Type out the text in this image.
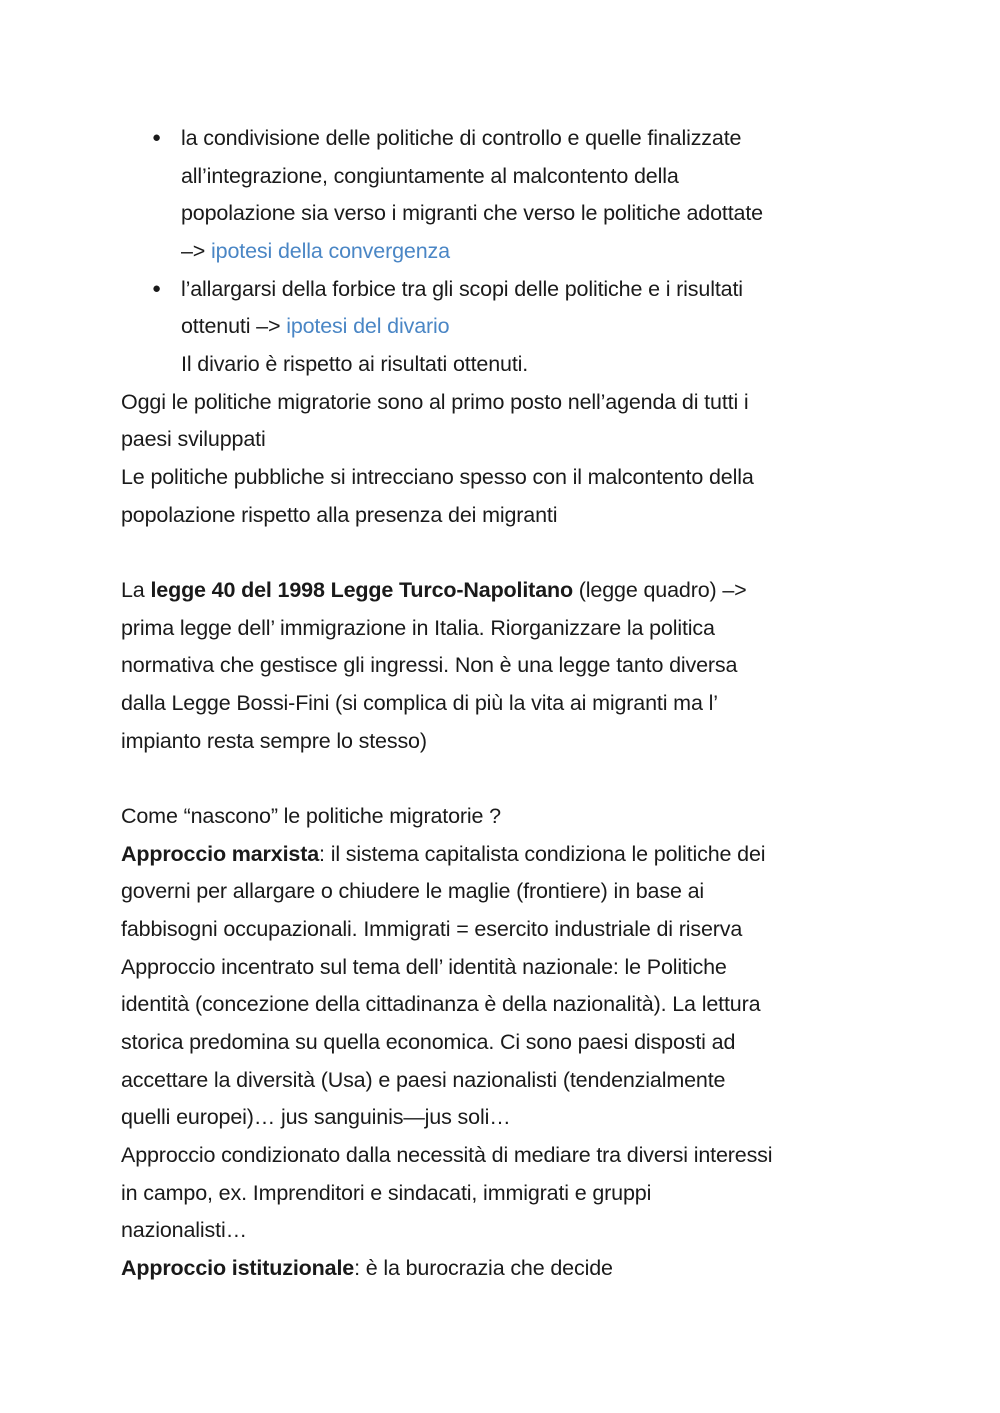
● la condivisione delle politiche di controllo e quelle finalizzate
all’integrazione, congiuntamente al malcontento della
popolazione sia verso i migranti che verso le politiche adottate
–> ipotesi della convergenza
● l’allargarsi della forbice tra gli scopi delle politiche e i risultati
ottenuti –> ipotesi del divario
Il divario è rispetto ai risultati ottenuti.
Oggi le politiche migratorie sono al primo posto nell’agenda di tutti i
paesi sviluppati
Le politiche pubbliche si intrecciano spesso con il malcontento della
popolazione rispetto alla presenza dei migranti
La legge 40 del 1998 Legge Turco-Napolitano (legge quadro) –>
prima legge dell’ immigrazione in Italia. Riorganizzare la politica
normativa che gestisce gli ingressi. Non è una legge tanto diversa
dalla Legge Bossi-Fini (si complica di più la vita ai migranti ma l’
impianto resta sempre lo stesso)
Come “nascono” le politiche migratorie ?
Approccio marxista: il sistema capitalista condiziona le politiche dei
governi per allargare o chiudere le maglie (frontiere) in base ai
fabbisogni occupazionali. Immigrati = esercito industriale di riserva
Approccio incentrato sul tema dell’ identità nazionale: le Politiche
identità (concezione della cittadinanza è della nazionalità). La lettura
storica predomina su quella economica. Ci sono paesi disposti ad
accettare la diversità (Usa) e paesi nazionalisti (tendenzialmente
quelli europei)… jus sanguinis—jus soli…
Approccio condizionato dalla necessità di mediare tra diversi interessi
in campo, ex. Imprenditori e sindacati, immigrati e gruppi
nazionalisti…
Approccio istituzionale: è la burocrazia che decide
